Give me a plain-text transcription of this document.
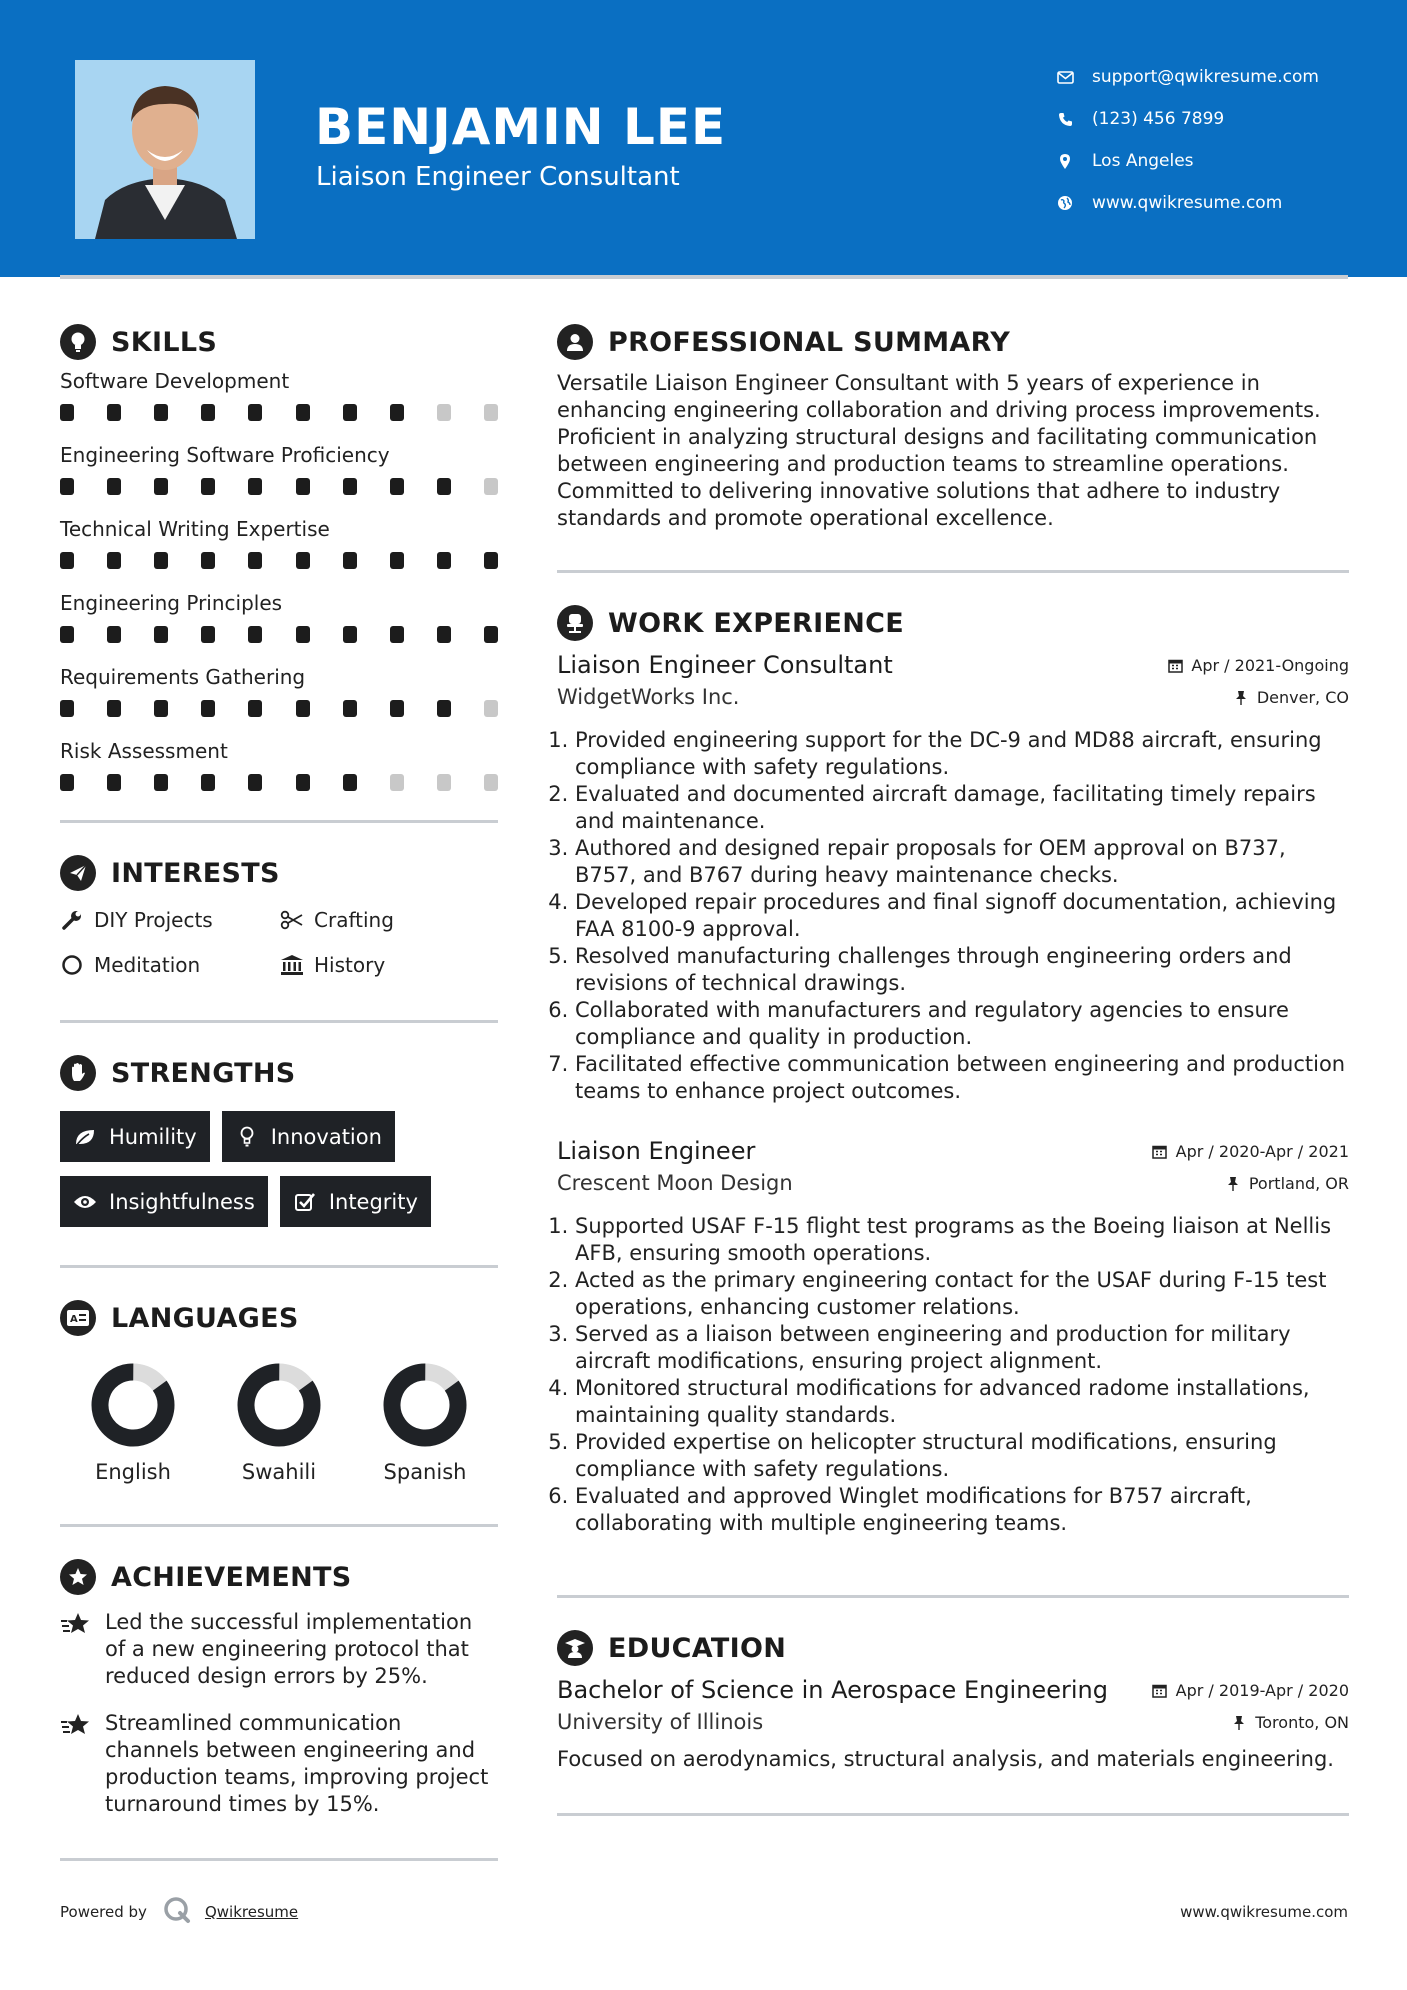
BENJAMIN LEE
Liaison Engineer Consultant
support@qwikresume.com
(123) 456 7899
Los Angeles
www.qwikresume.com
SKILLS
Software Development
Engineering Software Proficiency
Technical Writing Expertise
Engineering Principles
Requirements Gathering
Risk Assessment
INTERESTS
DIY Projects	Crafting
Meditation	History
STRENGTHS
Humility	Innovation
Insightfulness	Integrity
A LANGUAGES
English	Swahili	Spanish
ACHIEVEMENTS
Led the successful implementation of a new engineering protocol that reduced design errors by 25%.
Streamlined communication channels between engineering and production teams, improving project turnaround times by 15%.
PROFESSIONAL SUMMARY

Versatile Liaison Engineer Consultant with 5 years of experience in enhancing engineering collaboration and driving process improvements. Proficient in analyzing structural designs and facilitating communication between engineering and production teams to streamline operations. Committed to delivering innovative solutions that adhere to industry standards and promote operational excellence.

WORK EXPERIENCE
Liaison Engineer Consultant	Apr / 2021-Ongoing
WidgetWorks Inc.	Denver, CO
1. Provided engineering support for the DC-9 and MD88 aircraft, ensuring compliance with safety regulations.
2. Evaluated and documented aircraft damage, facilitating timely repairs and maintenance.
3. Authored and designed repair proposals for OEM approval on B737, B757, and B767 during heavy maintenance checks.
4. Developed repair procedures and final signoff documentation, achieving FAA 8100-9 approval.
5. Resolved manufacturing challenges through engineering orders and revisions of technical drawings.
6. Collaborated with manufacturers and regulatory agencies to ensure compliance and quality in production.
7. Facilitated effective communication between engineering and production teams to enhance project outcomes.
Liaison Engineer	Apr / 2020-Apr / 2021
Crescent Moon Design	Portland, OR
1. Supported USAF F-15 flight test programs as the Boeing liaison at Nellis AFB, ensuring smooth operations.
2. Acted as the primary engineering contact for the USAF during F-15 test operations, enhancing customer relations.
3. Served as a liaison between engineering and production for military aircraft modifications, ensuring project alignment.
4. Monitored structural modifications for advanced radome installations, maintaining quality standards.
5. Provided expertise on helicopter structural modifications, ensuring compliance with safety regulations.
6. Evaluated and approved Winglet modifications for B757 aircraft, collaborating with multiple engineering teams.
EDUCATION
Bachelor of Science in Aerospace Engineering	Apr / 2019-Apr / 2020
University of Illinois	Toronto, ON

Focused on aerodynamics, structural analysis, and materials engineering.

Powered by	Qwikresume	www.qwikresume.com
